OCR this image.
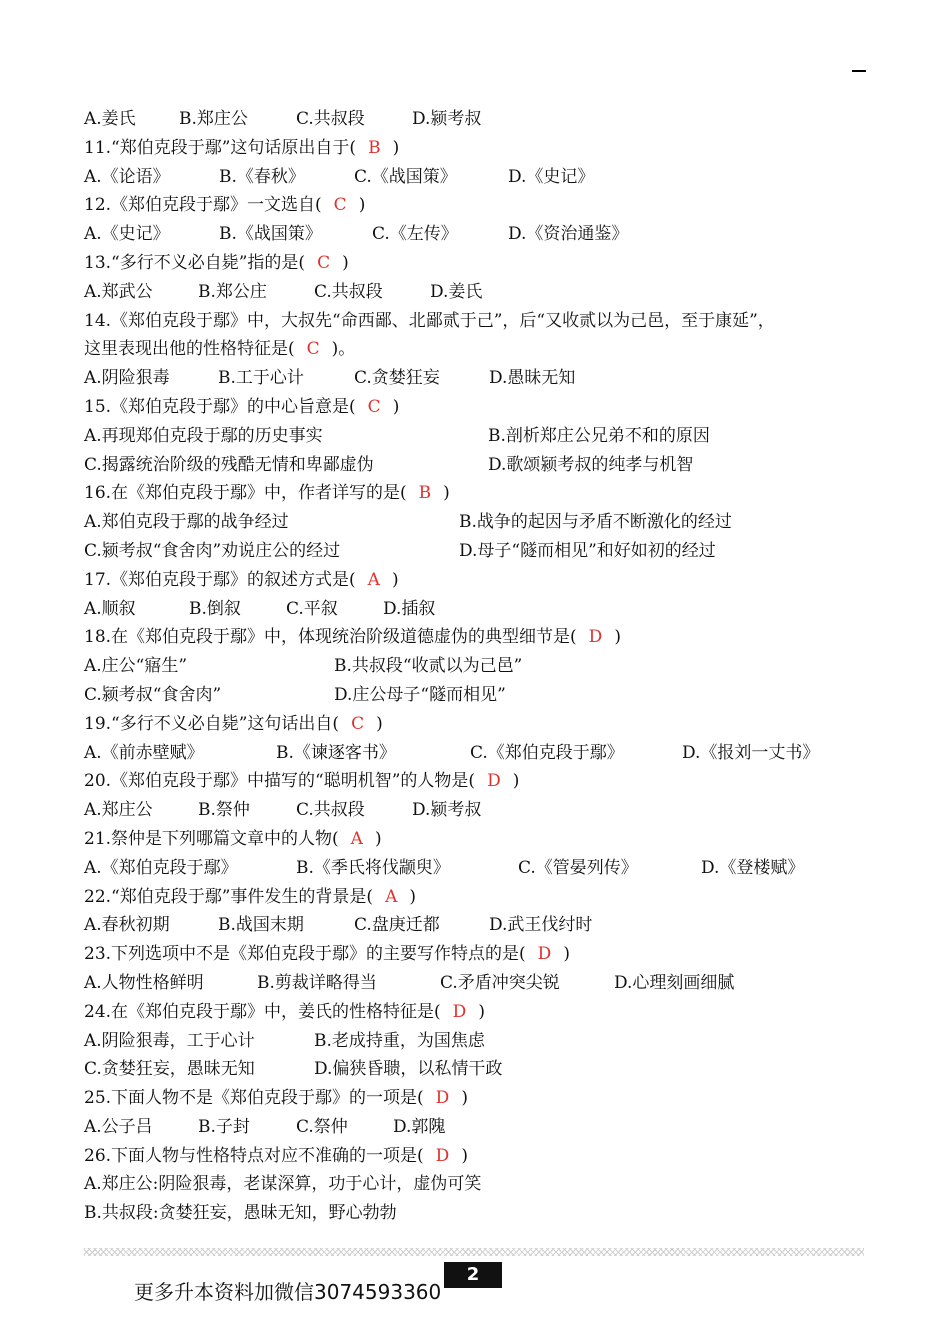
A.姜氏	B.郑庄公	C.共叔段	D.颍考叔
11.“郑伯克段于鄢”这句话原出自于( B )
A.《论语》	B.《春秋》	C.《战国策》	D.《史记》
12.《郑伯克段于鄢》一文选自( C )
A.《史记》	B.《战国策》	C.《左传》	D.《资治通鉴》
13.“多行不义必自毙”指的是( C )
A.郑武公	B.郑公庄	C.共叔段	D.姜氏
14.《郑伯克段于鄢》中，大叔先“命西鄙、北鄙贰于己”，后“又收贰以为己邑，至于康延”，
这里表现出他的性格特征是( C )。
A.阴险狠毒	B.工于心计	C.贪婪狂妄	D.愚昧无知
15.《郑伯克段于鄢》的中心旨意是( C )
A.再现郑伯克段于鄢的历史事实	B.剖析郑庄公兄弟不和的原因
C.揭露统治阶级的残酷无情和卑鄙虚伪	D.歌颂颍考叔的纯孝与机智
16.在《郑伯克段于鄢》中，作者详写的是( B )
A.郑伯克段于鄢的战争经过	B.战争的起因与矛盾不断激化的经过
C.颍考叔“食舍肉”劝说庄公的经过	D.母子“隧而相见”和好如初的经过
17.《郑伯克段于鄢》的叙述方式是( A )
A.顺叙	B.倒叙	C.平叙	D.插叙
18.在《郑伯克段于鄢》中，体现统治阶级道德虚伪的典型细节是( D )
A.庄公“寤生”	B.共叔段“收贰以为己邑”
C.颍考叔“食舍肉”	D.庄公母子“隧而相见”
19.“多行不义必自毙”这句话出自( C )
A.《前赤壁赋》	B.《谏逐客书》	C.《郑伯克段于鄢》	D.《报刘一丈书》
20.《郑伯克段于鄢》中描写的“聪明机智”的人物是( D )
A.郑庄公	B.祭仲	C.共叔段	D.颍考叔
21.祭仲是下列哪篇文章中的人物( A )
A.《郑伯克段于鄢》	B.《季氏将伐颛臾》	C.《管晏列传》	D.《登楼赋》
22.“郑伯克段于鄢”事件发生的背景是( A )
A.春秋初期	B.战国末期	C.盘庚迁都	D.武王伐纣时
23.下列选项中不是《郑伯克段于鄢》的主要写作特点的是( D )
A.人物性格鲜明	B.剪裁详略得当	C.矛盾冲突尖锐	D.心理刻画细腻
24.在《郑伯克段于鄢》中，姜氏的性格特征是( D )
A.阴险狠毒，工于心计	B.老成持重，为国焦虑
C.贪婪狂妄，愚昧无知	D.偏狭昏聩，以私情干政
25.下面人物不是《郑伯克段于鄢》的一项是( D )
A.公子吕	B.子封	C.祭仲	D.郭隗
26.下面人物与性格特点对应不准确的一项是( D )
A.郑庄公:阴险狠毒，老谋深算，功于心计，虚伪可笑
B.共叔段:贪婪狂妄，愚昧无知，野心勃勃
2
更多升本资料加微信3074593360
